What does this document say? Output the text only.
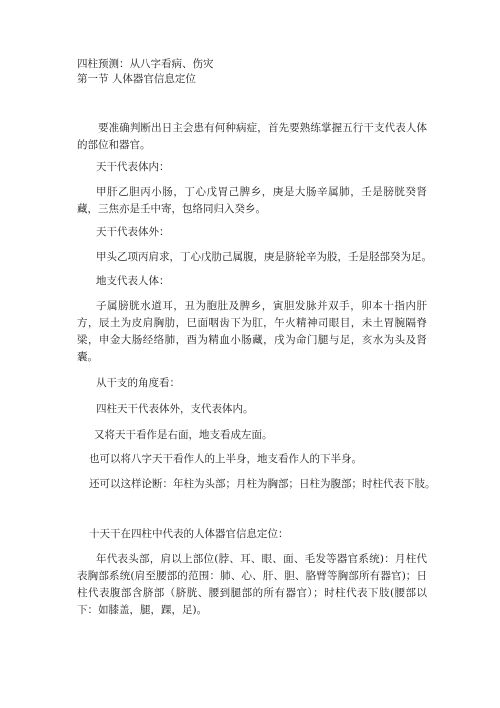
四柱预测：从八字看病、伤灾
第一节 人体器官信息定位

要准确判断出日主会患有何种病症，首先要熟练掌握五行干支代表人体的部位和器官。

天干代表体内：

甲肝乙胆丙小肠，丁心戊胃己脾乡，庚是大肠辛属肺，壬是膀胱癸肾藏，三焦亦是壬中寄，包络同归入癸乡。

天干代表体外：

甲头乙项丙肩求，丁心戊肋己属腹，庚是脐轮辛为股，壬是胫部癸为足。

地支代表人体：

子属膀胱水道耳，丑为胞肚及脾乡，寅胆发脉并双手，卯本十指内肝方，辰土为皮肩胸肋，巳面咽齿下为肛，午火精神司眼目，未土胃腕隔脊梁，申金大肠经络肺，酉为精血小肠藏，戌为命门腿与足，亥水为头及肾囊。

从干支的角度看：

四柱天干代表体外，支代表体内。

又将天干看作是右面，地支看成左面。

也可以将八字天干看作人的上半身，地支看作人的下半身。

还可以这样论断：年柱为头部；月柱为胸部；日柱为腹部；时柱代表下肢。

十天干在四柱中代表的人体器官信息定位：

年代表头部，肩以上部位(脖、耳、眼、面、毛发等器官系统)：月柱代表胸部系统(肩至腰部的范围：肺、心、肝、胆、胳臂等胸部所有器官)；日柱代表腹部含脐部（脐胱、腰到腿部的所有器官）；时柱代表下肢(腰部以下：如膝盖，腿，踝，足)。
